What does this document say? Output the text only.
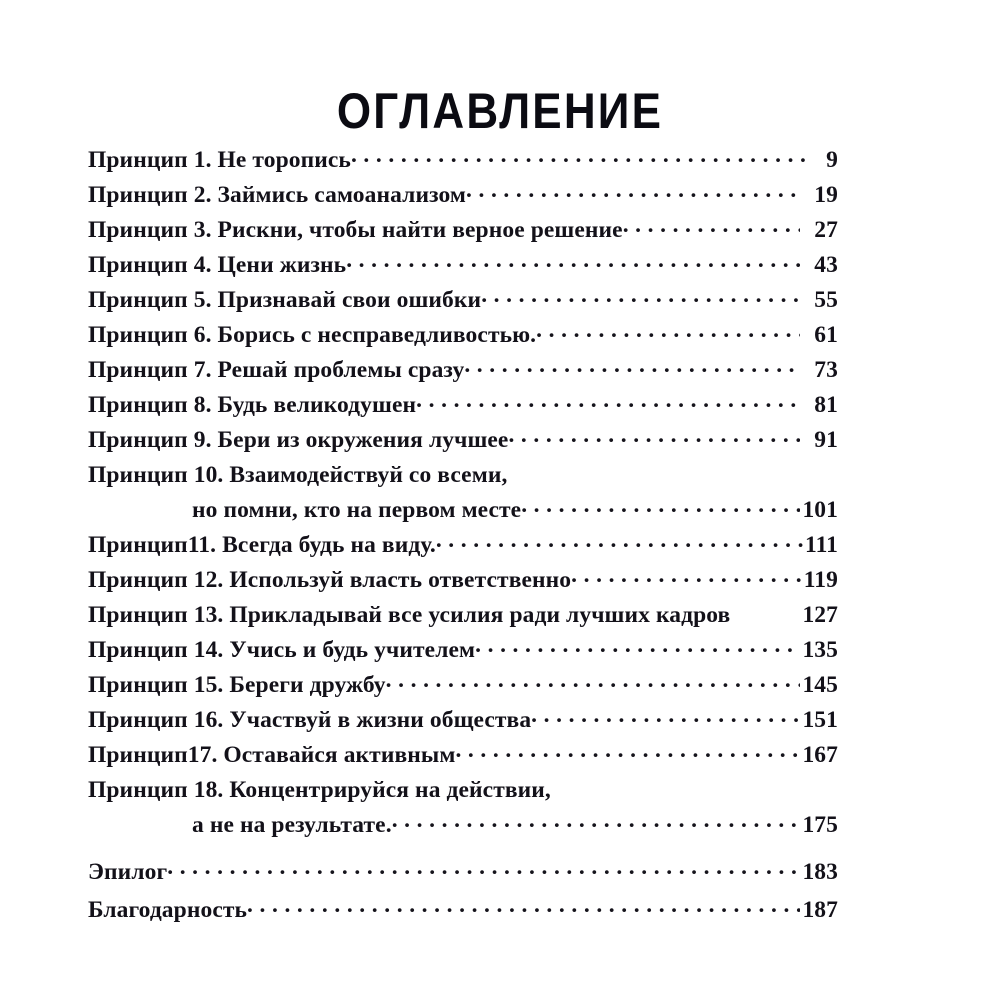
ОГЛАВЛЕНИЕ
Принцип 1. Не торопись .....	9
Принцип 2. Займись самоанализом .....	19
Принцип 3. Рискни, чтобы найти верное решение .....	27
Принцип 4. Цени жизнь .....	43
Принцип 5. Признавай свои ошибки .....	55
Принцип 6. Борись с несправедливостью. .....	61
Принцип 7. Решай проблемы сразу .....	73
Принцип 8. Будь великодушен .....	81
Принцип 9. Бери из окружения лучшее .....	91
Принцип 10. Взаимодействуй со всеми,
но помни, кто на первом месте .....	101
Принцип11. Всегда будь на виду. .....	111
Принцип 12. Используй власть ответственно .....	119
Принцип 13. Прикладывай все усилия ради лучших кадров	127
Принцип 14. Учись и будь учителем .....	135
Принцип 15. Береги дружбу .....	145
Принцип 16. Участвуй в жизни общества .....	151
Принцип17. Оставайся активным .....	167
Принцип 18. Концентрируйся на действии,
а не на результате. .....	175
Эпилог .....	183
Благодарность .....	187
